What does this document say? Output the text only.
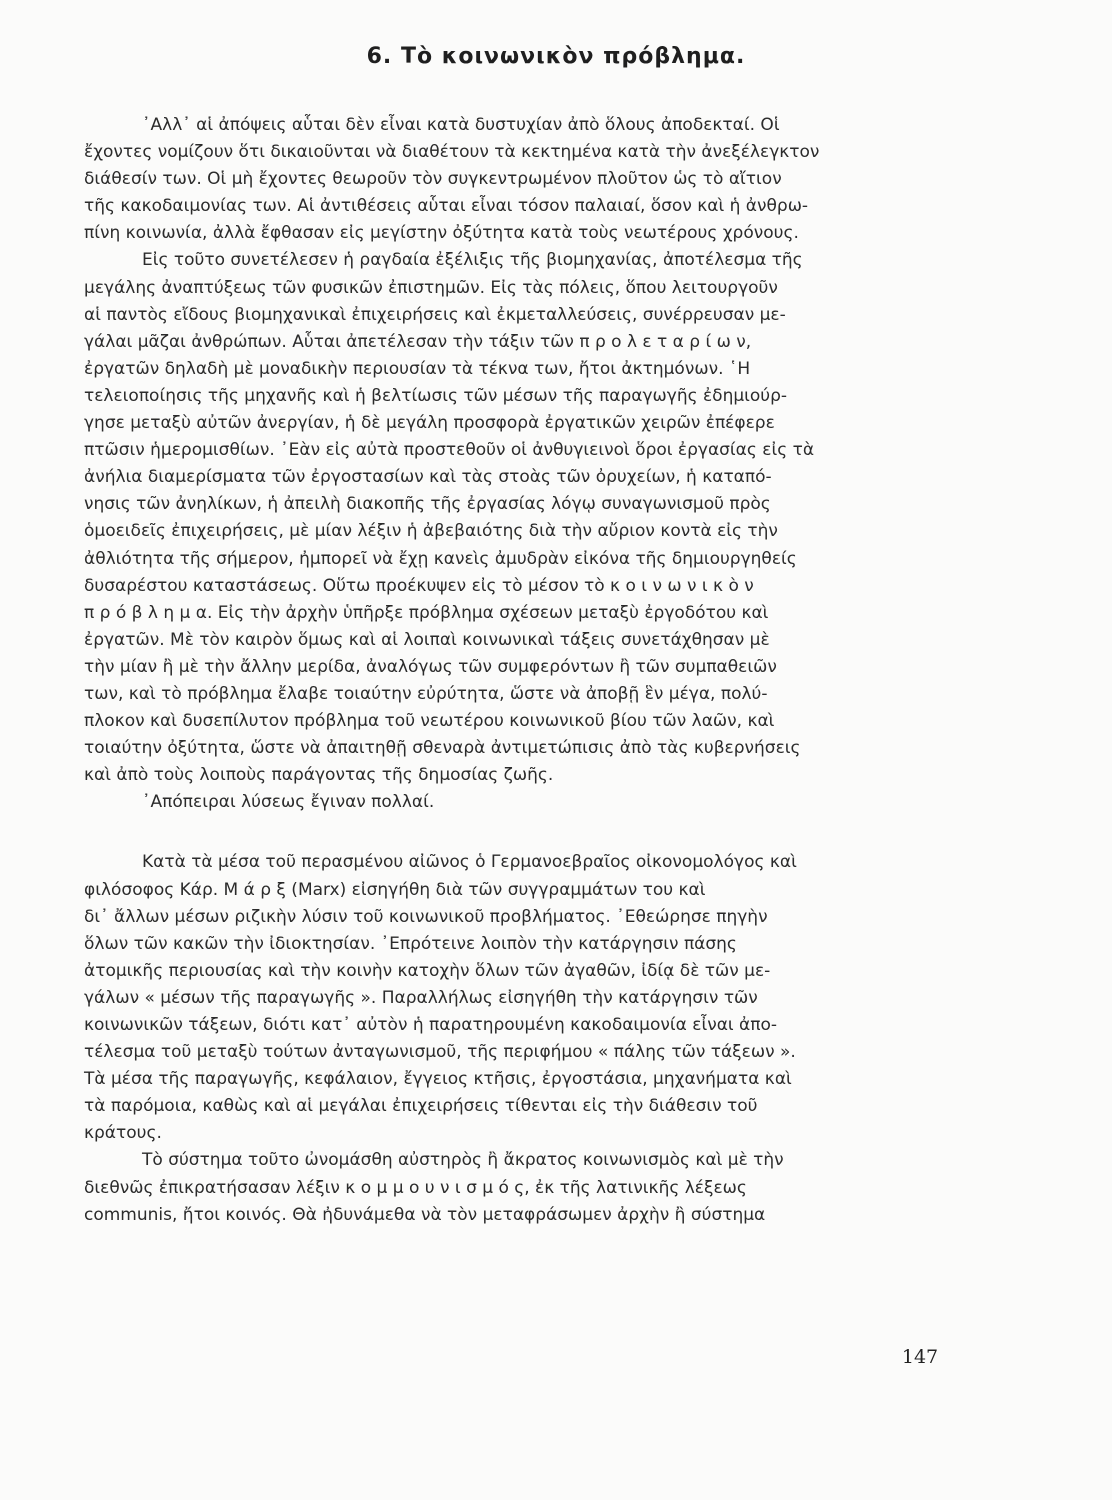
6. Τὸ κοινωνικὸν πρόβλημα.
᾿Αλλ᾿ αἱ ἀπόψεις αὗται δὲν εἶναι κατὰ δυστυχίαν ἀπὸ ὅλους ἀποδεκταί. Οἱ
ἔχοντες νομίζουν ὅτι δικαιοῦνται νὰ διαθέτουν τὰ κεκτημένα κατὰ τὴν ἀνεξέλεγκτον
διάθεσίν των. Οἱ μὴ ἔχοντες θεωροῦν τὸν συγκεντρωμένον πλοῦτον ὡς τὸ αἴτιον
τῆς κακοδαιμονίας των. Αἱ ἀντιθέσεις αὗται εἶναι τόσον παλαιαί, ὅσον καὶ ἡ ἀνθρω-
πίνη κοινωνία, ἀλλὰ ἔφθασαν εἰς μεγίστην ὀξύτητα κατὰ τοὺς νεωτέρους χρόνους.
Εἰς τοῦτο συνετέλεσεν ἡ ραγδαία ἐξέλιξις τῆς βιομηχανίας, ἀποτέλεσμα τῆς
μεγάλης ἀναπτύξεως τῶν φυσικῶν ἐπιστημῶν. Εἰς τὰς πόλεις, ὅπου λειτουργοῦν
αἱ παντὸς εἴδους βιομηχανικαὶ ἐπιχειρήσεις καὶ ἐκμεταλλεύσεις, συνέρρευσαν με-
γάλαι μᾶζαι ἀνθρώπων. Αὗται ἀπετέλεσαν τὴν τάξιν τῶν π ρ ο λ ε τ α ρ ί ω ν,
ἐργατῶν δηλαδὴ μὲ μοναδικὴν περιουσίαν τὰ τέκνα των, ἤτοι ἀκτημόνων. ῾Η
τελειοποίησις τῆς μηχανῆς καὶ ἡ βελτίωσις τῶν μέσων τῆς παραγωγῆς ἐδημιούρ-
γησε μεταξὺ αὐτῶν ἀνεργίαν, ἡ δὲ μεγάλη προσφορὰ ἐργατικῶν χειρῶν ἐπέφερε
πτῶσιν ἡμερομισθίων. ᾿Εὰν εἰς αὐτὰ προστεθοῦν οἱ ἀνθυγιεινοὶ ὅροι ἐργασίας εἰς τὰ
ἀνήλια διαμερίσματα τῶν ἐργοστασίων καὶ τὰς στοὰς τῶν ὀρυχείων, ἡ καταπό-
νησις τῶν ἀνηλίκων, ἡ ἀπειλὴ διακοπῆς τῆς ἐργασίας λόγῳ συναγωνισμοῦ πρὸς
ὁμοειδεῖς ἐπιχειρήσεις, μὲ μίαν λέξιν ἡ ἀβεβαιότης διὰ τὴν αὔριον κοντὰ εἰς τὴν
ἀθλιότητα τῆς σήμερον, ἠμπορεῖ νὰ ἔχῃ κανεὶς ἀμυδρὰν εἰκόνα τῆς δημιουργηθείς
δυσαρέστου καταστάσεως. Οὕτω προέκυψεν εἰς τὸ μέσον τὸ κ ο ι ν ω ν ι κ ὸ ν
π ρ ό β λ η μ α. Εἰς τὴν ἀρχὴν ὑπῆρξε πρόβλημα σχέσεων μεταξὺ ἐργοδότου καὶ
ἐργατῶν. Μὲ τὸν καιρὸν ὅμως καὶ αἱ λοιπαὶ κοινωνικαὶ τάξεις συνετάχθησαν μὲ
τὴν μίαν ἢ μὲ τὴν ἄλλην μερίδα, ἀναλόγως τῶν συμφερόντων ἢ τῶν συμπαθειῶν
των, καὶ τὸ πρόβλημα ἔλαβε τοιαύτην εὐρύτητα, ὥστε νὰ ἀποβῇ ἓν μέγα, πολύ-
πλοκον καὶ δυσεπίλυτον πρόβλημα τοῦ νεωτέρου κοινωνικοῦ βίου τῶν λαῶν, καὶ
τοιαύτην ὀξύτητα, ὥστε νὰ ἀπαιτηθῇ σθεναρὰ ἀντιμετώπισις ἀπὸ τὰς κυβερνήσεις
καὶ ἀπὸ τοὺς λοιποὺς παράγοντας τῆς δημοσίας ζωῆς.
᾿Απόπειραι λύσεως ἔγιναν πολλαί.
Κατὰ τὰ μέσα τοῦ περασμένου αἰῶνος ὁ Γερμανοεβραῖος οἰκονομολόγος καὶ
φιλόσοφος Κάρ. Μ ά ρ ξ (Marx) εἰσηγήθη διὰ τῶν συγγραμμάτων του καὶ
δι᾿ ἄλλων μέσων ριζικὴν λύσιν τοῦ κοινωνικοῦ προβλήματος. ᾿Εθεώρησε πηγὴν
ὅλων τῶν κακῶν τὴν ἰδιοκτησίαν. ᾿Επρότεινε λοιπὸν τὴν κατάργησιν πάσης
ἀτομικῆς περιουσίας καὶ τὴν κοινὴν κατοχὴν ὅλων τῶν ἀγαθῶν, ἰδίᾳ δὲ τῶν με-
γάλων « μέσων τῆς παραγωγῆς ». Παραλλήλως εἰσηγήθη τὴν κατάργησιν τῶν
κοινωνικῶν τάξεων, διότι κατ᾿ αὐτὸν ἡ παρατηρουμένη κακοδαιμονία εἶναι ἀπο-
τέλεσμα τοῦ μεταξὺ τούτων ἀνταγωνισμοῦ, τῆς περιφήμου « πάλης τῶν τάξεων ».
Τὰ μέσα τῆς παραγωγῆς, κεφάλαιον, ἔγγειος κτῆσις, ἐργοστάσια, μηχανήματα καὶ
τὰ παρόμοια, καθὼς καὶ αἱ μεγάλαι ἐπιχειρήσεις τίθενται εἰς τὴν διάθεσιν τοῦ
κράτους.
Τὸ σύστημα τοῦτο ὠνομάσθη αὐστηρὸς ἢ ἄκρατος κοινωνισμὸς καὶ μὲ τὴν
διεθνῶς ἐπικρατήσασαν λέξιν κ ο μ μ ο υ ν ι σ μ ό ς, ἐκ τῆς λατινικῆς λέξεως
communis, ἤτοι κοινός. Θὰ ἠδυνάμεθα νὰ τὸν μεταφράσωμεν ἀρχὴν ἢ σύστημα
147
